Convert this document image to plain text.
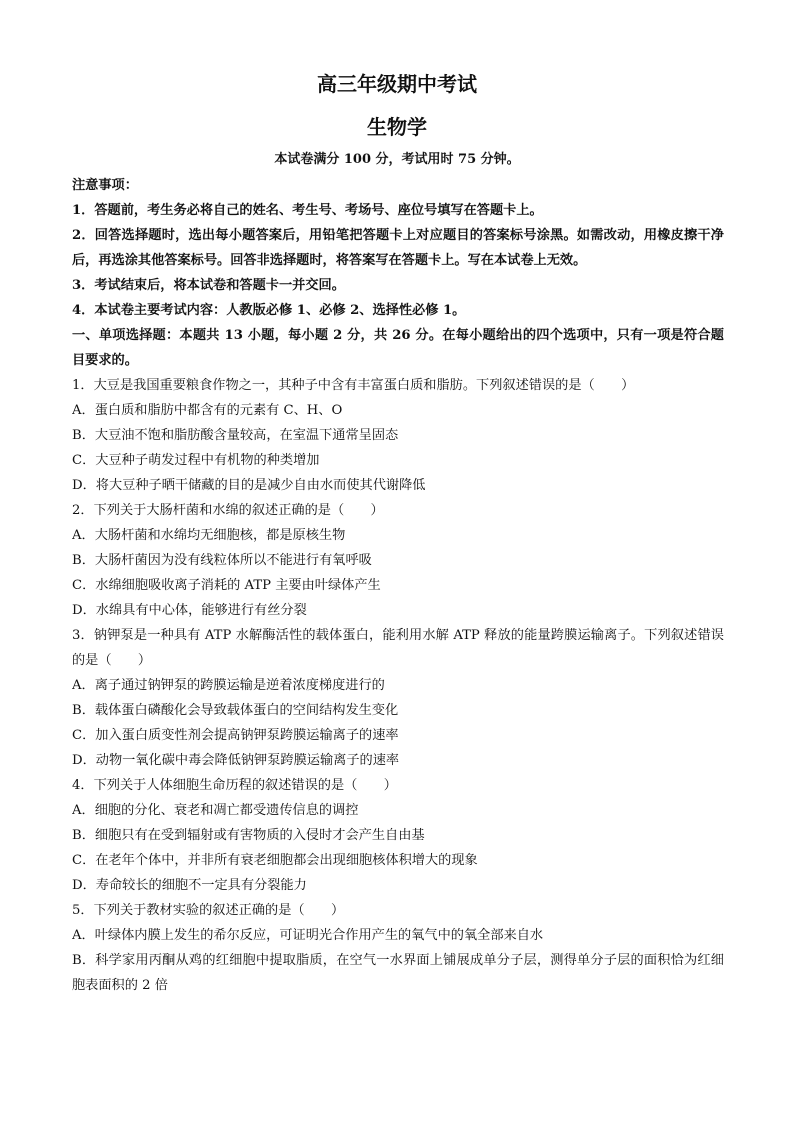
高三年级期中考试
生物学
本试卷满分 100 分，考试用时 75 分钟。
注意事项：
1．答题前，考生务必将自己的姓名、考生号、考场号、座位号填写在答题卡上。
2．回答选择题时，选出每小题答案后，用铅笔把答题卡上对应题目的答案标号涂黑。如需改动，用橡皮擦干净后，再选涂其他答案标号。回答非选择题时，将答案写在答题卡上。写在本试卷上无效。
3．考试结束后，将本试卷和答题卡一并交回。
4．本试卷主要考试内容：人教版必修 1、必修 2、选择性必修 1。
一、单项选择题：本题共 13 小题，每小题 2 分，共 26 分。在每小题给出的四个选项中，只有一项是符合题目要求的。
1．大豆是我国重要粮食作物之一，其种子中含有丰富蛋白质和脂肪。下列叙述错误的是（　　）
A．蛋白质和脂肪中都含有的元素有 C、H、O
B．大豆油不饱和脂肪酸含量较高，在室温下通常呈固态
C．大豆种子萌发过程中有机物的种类增加
D．将大豆种子晒干储藏的目的是减少自由水而使其代谢降低
2．下列关于大肠杆菌和水绵的叙述正确的是（　　）
A．大肠杆菌和水绵均无细胞核，都是原核生物
B．大肠杆菌因为没有线粒体所以不能进行有氧呼吸
C．水绵细胞吸收离子消耗的 ATP 主要由叶绿体产生
D．水绵具有中心体，能够进行有丝分裂
3．钠钾泵是一种具有 ATP 水解酶活性的载体蛋白，能利用水解 ATP 释放的能量跨膜运输离子。下列叙述错误的是（　　）
A．离子通过钠钾泵的跨膜运输是逆着浓度梯度进行的
B．载体蛋白磷酸化会导致载体蛋白的空间结构发生变化
C．加入蛋白质变性剂会提高钠钾泵跨膜运输离子的速率
D．动物一氧化碳中毒会降低钠钾泵跨膜运输离子的速率
4．下列关于人体细胞生命历程的叙述错误的是（　　）
A．细胞的分化、衰老和凋亡都受遗传信息的调控
B．细胞只有在受到辐射或有害物质的入侵时才会产生自由基
C．在老年个体中，并非所有衰老细胞都会出现细胞核体积增大的现象
D．寿命较长的细胞不一定具有分裂能力
5．下列关于教材实验的叙述正确的是（　　）
A．叶绿体内膜上发生的希尔反应，可证明光合作用产生的氧气中的氧全部来自水
B．科学家用丙酮从鸡的红细胞中提取脂质，在空气一水界面上铺展成单分子层，测得单分子层的面积恰为红细胞表面积的 2 倍
